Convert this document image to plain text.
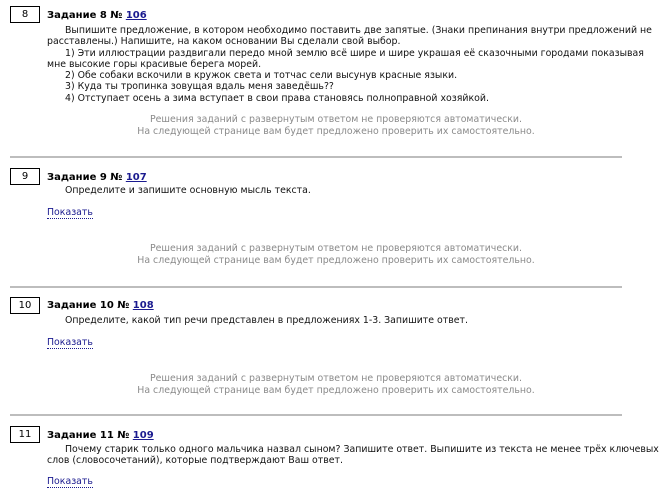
8	Задание 8 № 106
Выпишите предложение, в котором необходимо поставить две запятые. (Знаки препинания внутри предложений не
расставлены.) Напишите, на каком основании Вы сделали свой выбор.
1) Эти иллюстрации раздвигали передо мной землю всё шире и шире украшая её сказочными городами показывая
мне высокие горы красивые берега морей.
2) Обе собаки вскочили в кружок света и тотчас сели высунув красные языки.
3) Куда ты тропинка зовущая вдаль меня заведёшь??
4) Отступает осень а зима вступает в свои права становясь полноправной хозяйкой.
Решения заданий с развернутым ответом не проверяются автоматически.
На следующей странице вам будет предложено проверить их самостоятельно.
9	Задание 9 № 107
Определите и запишите основную мысль текста.
Показать
Решения заданий с развернутым ответом не проверяются автоматически.
На следующей странице вам будет предложено проверить их самостоятельно.
10	Задание 10 № 108
Определите, какой тип речи представлен в предложениях 1-3. Запишите ответ.
Показать
Решения заданий с развернутым ответом не проверяются автоматически.
На следующей странице вам будет предложено проверить их самостоятельно.
11	Задание 11 № 109
Почему старик только одного мальчика назвал сыном? Запишите ответ. Выпишите из текста не менее трёх ключевых
слов (словосочетаний), которые подтверждают Ваш ответ.
Показать
